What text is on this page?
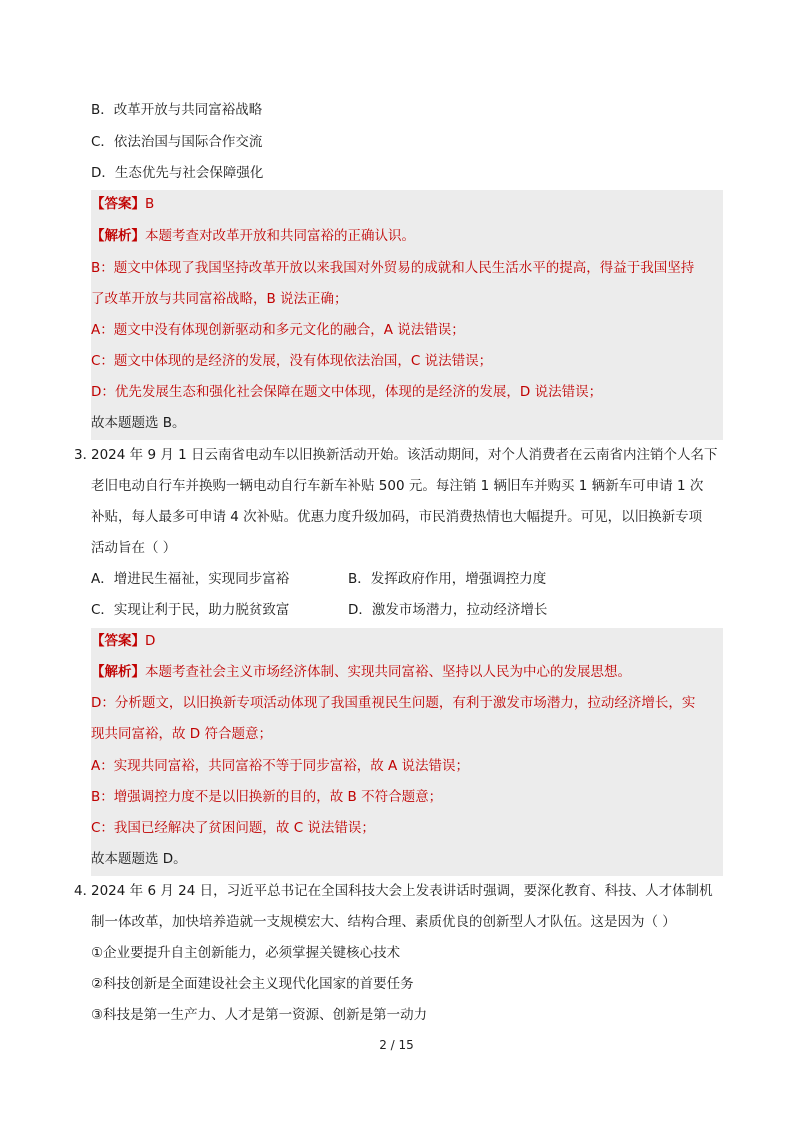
B．改革开放与共同富裕战略
C．依法治国与国际合作交流
D．生态优先与社会保障强化
【答案】B
【解析】本题考查对改革开放和共同富裕的正确认识。
B：题文中体现了我国坚持改革开放以来我国对外贸易的成就和人民生活水平的提高，得益于我国坚持
了改革开放与共同富裕战略，B 说法正确；
A：题文中没有体现创新驱动和多元文化的融合，A 说法错误；
C：题文中体现的是经济的发展，没有体现依法治国，C 说法错误；
D：优先发展生态和强化社会保障在题文中体现，体现的是经济的发展，D 说法错误；
故本题题选 B。
3．
2024 年 9 月 1 日云南省电动车以旧换新活动开始。该活动期间，对个人消费者在云南省内注销个人名下
老旧电动自行车并换购一辆电动自行车新车补贴 500 元。每注销 1 辆旧车并购买 1 辆新车可申请 1 次
补贴，每人最多可申请 4 次补贴。优惠力度升级加码，市民消费热情也大幅提升。可见，以旧换新专项
活动旨在（ ）
A．增进民生福祉，实现同步富裕	B．发挥政府作用，增强调控力度
C．实现让利于民，助力脱贫致富	D．激发市场潜力，拉动经济增长
【答案】D
【解析】本题考查社会主义市场经济体制、实现共同富裕、坚持以人民为中心的发展思想。
D：分析题文，以旧换新专项活动体现了我国重视民生问题，有利于激发市场潜力，拉动经济增长，实
现共同富裕，故 D 符合题意；
A：实现共同富裕，共同富裕不等于同步富裕，故 A 说法错误；
B：增强调控力度不是以旧换新的目的，故 B 不符合题意；
C：我国已经解决了贫困问题，故 C 说法错误；
故本题题选 D。
4．
2024 年 6 月 24 日，习近平总书记在全国科技大会上发表讲话时强调，要深化教育、科技、人才体制机
制一体改革，加快培养造就一支规模宏大、结构合理、素质优良的创新型人才队伍。这是因为（ ）
①企业要提升自主创新能力，必须掌握关键核心技术
②科技创新是全面建设社会主义现代化国家的首要任务
③科技是第一生产力、人才是第一资源、创新是第一动力
2 / 15
